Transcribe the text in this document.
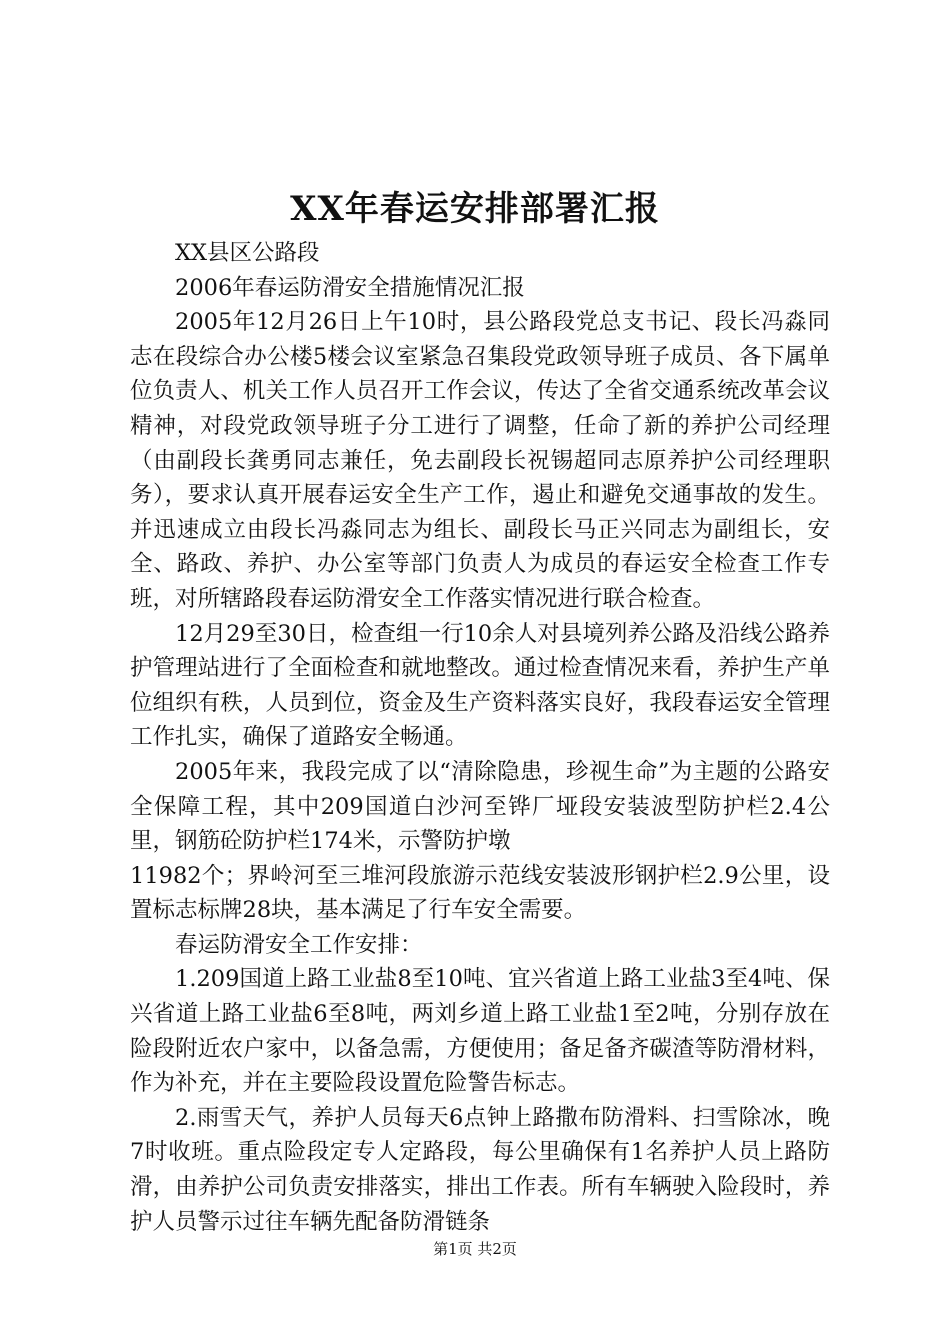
XX年春运安排部署汇报

XX县区公路段

2006年春运防滑安全措施情况汇报

2005年12月26日上午10时，县公路段党总支书记、段长冯淼同志在段综合办公楼5楼会议室紧急召集段党政领导班子成员、各下属单位负责人、机关工作人员召开工作会议，传达了全省交通系统改革会议精神，对段党政领导班子分工进行了调整，任命了新的养护公司经理（由副段长龚勇同志兼任，免去副段长祝锡超同志原养护公司经理职务），要求认真开展春运安全生产工作，遏止和避免交通事故的发生。并迅速成立由段长冯淼同志为组长、副段长马正兴同志为副组长，安全、路政、养护、办公室等部门负责人为成员的春运安全检查工作专班，对所辖路段春运防滑安全工作落实情况进行联合检查。

12月29至30日，检查组一行10余人对县境列养公路及沿线公路养护管理站进行了全面检查和就地整改。通过检查情况来看，养护生产单位组织有秩，人员到位，资金及生产资料落实良好，我段春运安全管理工作扎实，确保了道路安全畅通。

2005年来，我段完成了以“清除隐患，珍视生命”为主题的公路安全保障工程，其中209国道白沙河至铧厂垭段安装波型防护栏2.4公里，钢筋砼防护栏174米，示警防护墩

11982个；界岭河至三堆河段旅游示范线安装波形钢护栏2.9公里，设置标志标牌28块，基本满足了行车安全需要。

春运防滑安全工作安排：

1.209国道上路工业盐8至10吨、宜兴省道上路工业盐3至4吨、保兴省道上路工业盐6至8吨，两刘乡道上路工业盐1至2吨，分别存放在险段附近农户家中，以备急需，方便使用；备足备齐碳渣等防滑材料，作为补充，并在主要险段设置危险警告标志。

2.雨雪天气，养护人员每天6点钟上路撒布防滑料、扫雪除冰，晚7时收班。重点险段定专人定路段，每公里确保有1名养护人员上路防滑，由养护公司负责安排落实，排出工作表。所有车辆驶入险段时，养护人员警示过往车辆先配备防滑链条

第1页 共2页
